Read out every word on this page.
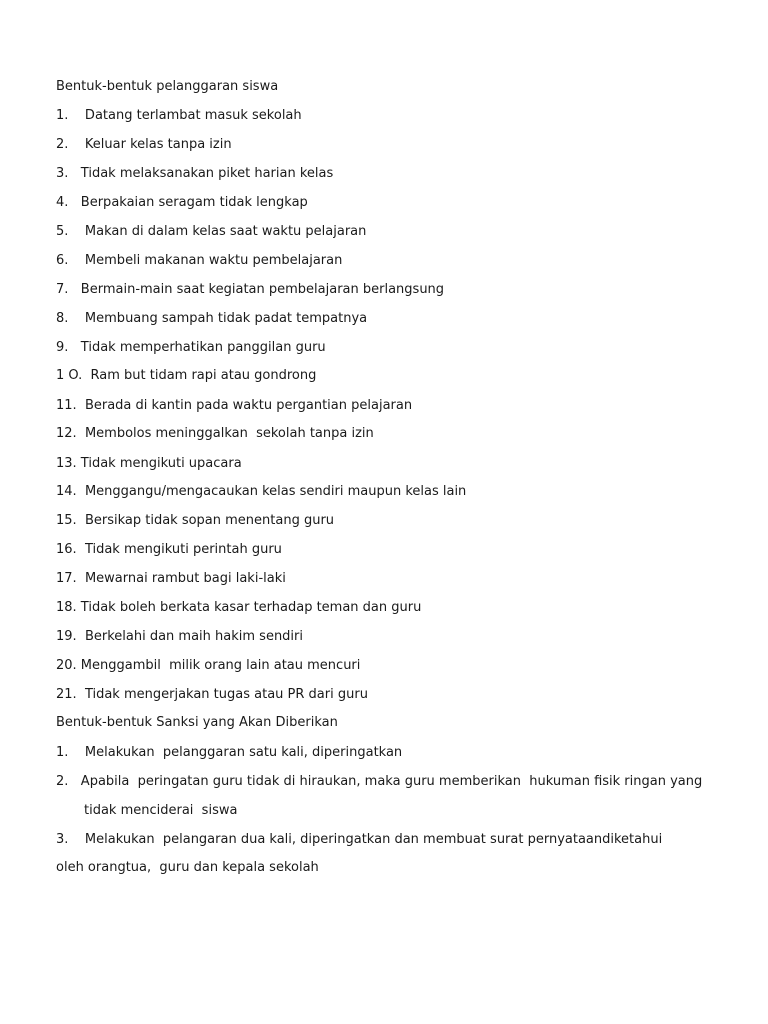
Bentuk-bentuk pelanggaran siswa
1.    Datang terlambat masuk sekolah
2.    Keluar kelas tanpa izin
3.   Tidak melaksanakan piket harian kelas
4.   Berpakaian seragam tidak lengkap
5.    Makan di dalam kelas saat waktu pelajaran
6.    Membeli makanan waktu pembelajaran
7.   Bermain-main saat kegiatan pembelajaran berlangsung
8.    Membuang sampah tidak padat tempatnya
9.   Tidak memperhatikan panggilan guru
1 O.  Ram but tidam rapi atau gondrong
11.  Berada di kantin pada waktu pergantian pelajaran
12.  Membolos meninggalkan  sekolah tanpa izin
13. Tidak mengikuti upacara
14.  Menggangu/mengacaukan kelas sendiri maupun kelas lain
15.  Bersikap tidak sopan menentang guru
16.  Tidak mengikuti perintah guru
17.  Mewarnai rambut bagi laki-laki
18. Tidak boleh berkata kasar terhadap teman dan guru
19.  Berkelahi dan maih hakim sendiri
20. Menggambil  milik orang lain atau mencuri
21.  Tidak mengerjakan tugas atau PR dari guru
Bentuk-bentuk Sanksi yang Akan Diberikan
1.    Melakukan  pelanggaran satu kali, diperingatkan
2.   Apabila  peringatan guru tidak di hiraukan, maka guru memberikan  hukuman fisik ringan yang
tidak menciderai  siswa
3.    Melakukan  pelangaran dua kali, diperingatkan dan membuat surat pernyataandiketahui
oleh orangtua,  guru dan kepala sekolah
